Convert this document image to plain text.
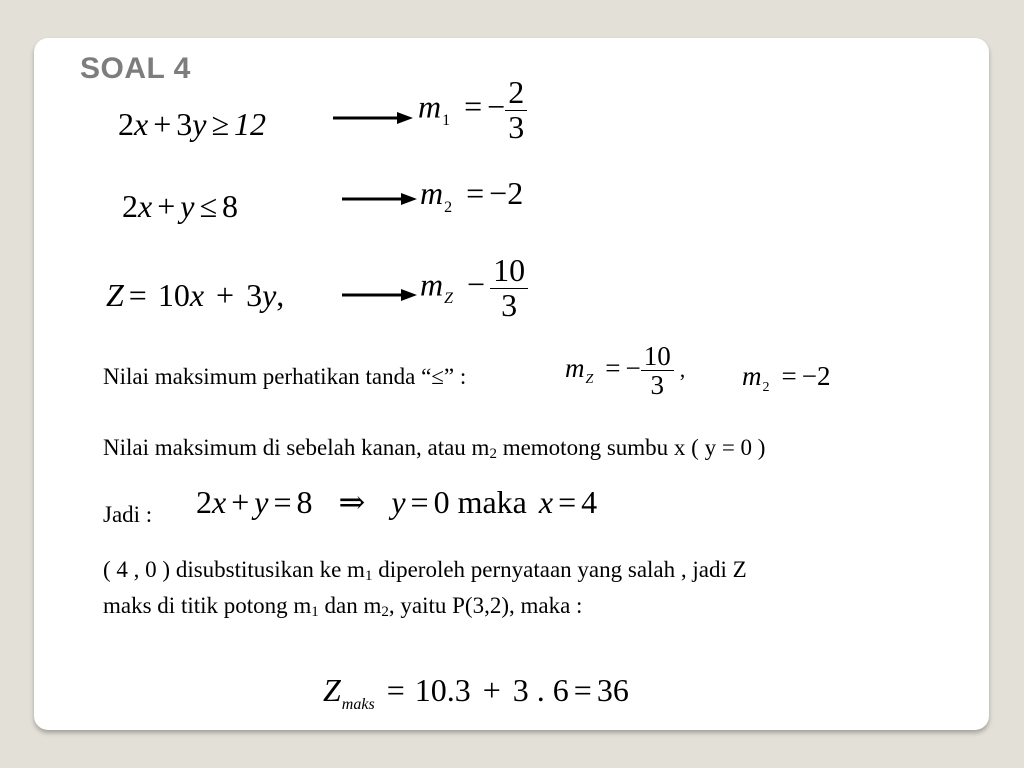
SOAL 4
2x + 3y ≥ 12	$m_1$ = − $\frac{2}{3}$
2x + y ≤ 8	$m_2 = -2$
Z = 10x + 3y,	$m_Z - \frac{10}{3}$
Nilai maksimum perhatikan tanda “≤” :	$m_Z$ = − $\frac{10}{3}$ , $m_2 = -2$
Nilai maksimum di sebelah kanan, atau $m_2$ memotong sumbu x ( y = 0 )
Jadi : 2x + y = 8 ⇒ y = 0 maka x = 4
( 4 , 0 ) disubstitusikan ke $m_1$ diperoleh pernyataan yang salah , jadi Z
maks di titik potong $m_1$ dan $m_2$, yaitu P(3,2), maka :
$Z_{maks} = 10.3 + 3$ . 6 = 36
